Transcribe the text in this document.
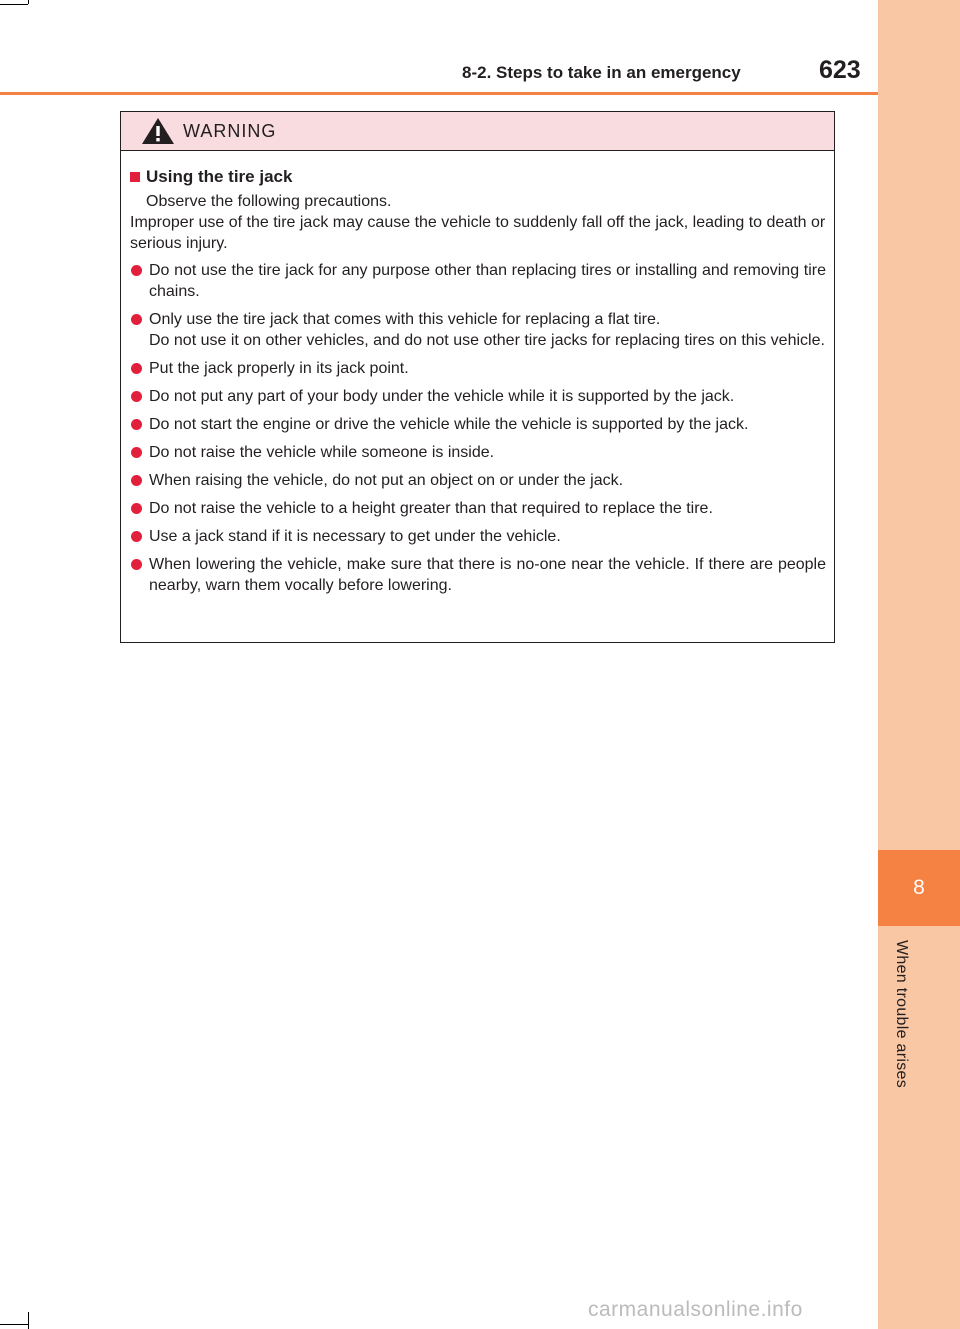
8
When trouble arises
8-2. Steps to take in an emergency	623
WARNING
Using the tire jack
Observe the following precautions.
Improper use of the tire jack may cause the vehicle to suddenly fall off the jack, leading to death or serious injury.
Do not use the tire jack for any purpose other than replacing tires or installing and removing tire chains.
Only use the tire jack that comes with this vehicle for replacing a flat tire.
Do not use it on other vehicles, and do not use other tire jacks for replacing tires on this vehicle.
Put the jack properly in its jack point.
Do not put any part of your body under the vehicle while it is supported by the jack.
Do not start the engine or drive the vehicle while the vehicle is supported by the jack.
Do not raise the vehicle while someone is inside.
When raising the vehicle, do not put an object on or under the jack.
Do not raise the vehicle to a height greater than that required to replace the tire.
Use a jack stand if it is necessary to get under the vehicle.
When lowering the vehicle, make sure that there is no-one near the vehicle. If there are people nearby, warn them vocally before lowering.
carmanualsonline.info
